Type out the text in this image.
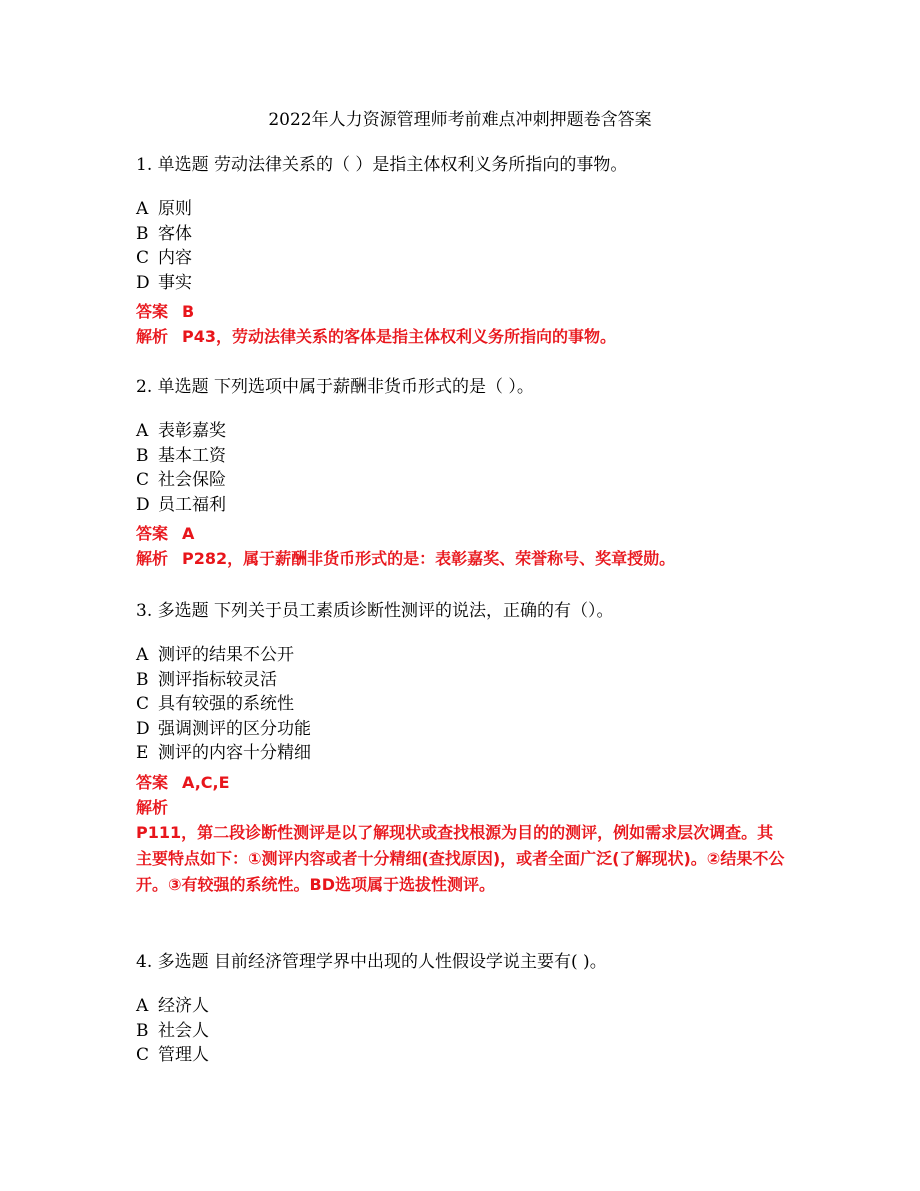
2022年人力资源管理师考前难点冲刺押题卷含答案
1. 单选题 劳动法律关系的（ ）是指主体权利义务所指向的事物。
A 原则
B 客体
C 内容
D 事实
答案 B
解析 P43，劳动法律关系的客体是指主体权利义务所指向的事物。
2. 单选题 下列选项中属于薪酬非货币形式的是（ ）。
A 表彰嘉奖
B 基本工资
C 社会保险
D 员工福利
答案 A
解析 P282，属于薪酬非货币形式的是：表彰嘉奖、荣誉称号、奖章授勋。
3. 多选题 下列关于员工素质诊断性测评的说法，正确的有（）。
A 测评的结果不公开
B 测评指标较灵活
C 具有较强的系统性
D 强调测评的区分功能
E 测评的内容十分精细
答案 A,C,E
解析
P111，第二段诊断性测评是以了解现状或查找根源为目的的测评，例如需求层次调查。其主要特点如下：①测评内容或者十分精细(查找原因)，或者全面广泛(了解现状)。②结果不公开。③有较强的系统性。BD选项属于选拔性测评。
4. 多选题 目前经济管理学界中出现的人性假设学说主要有( )。
A 经济人
B 社会人
C 管理人
